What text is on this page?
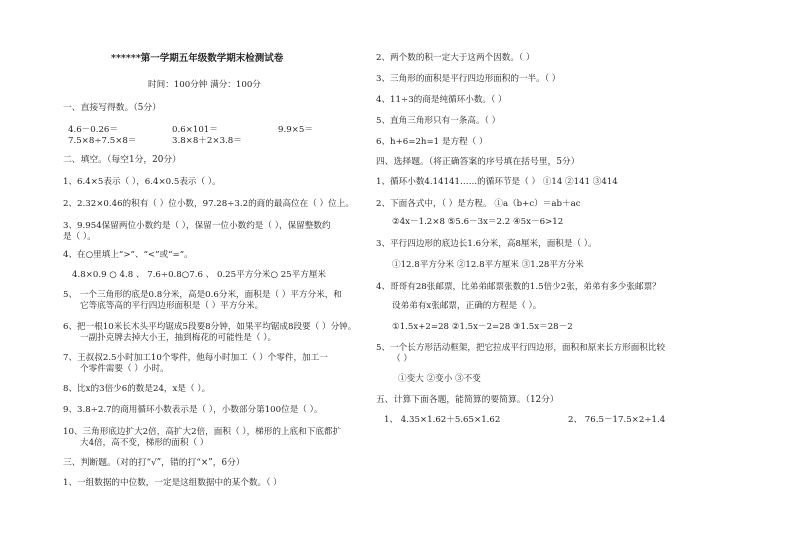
******第一学期五年级数学期末检测试卷
时间：100分钟 满分：100分
一、直接写得数。（5分）
4.6－0.26＝	0.6×101＝	9.9×5＝
7.5×8÷7.5×8＝	3.8×8＋2×3.8＝
二、填空。（每空1分，20分）
1、6.4×5表示（ ），6.4×0.5表示（ ）。
2、2.32×0.46的积有（ ）位小数，97.28÷3.2的商的最高位在（ ）位上。
3、9.954保留两位小数约是（ ），保留一位小数约是（ ），保留整数约
是（ ）。
4、在○里填上“>”、“<”或“=”。
4.8×0.9 ○ 4.8 、 7.6÷0.8○7.6 、 0.25平方分米○ 25平方厘米
5、 一个三角形的底是0.8分米，高是0.6分米，面积是（ ）平方分米，和
它等底等高的平行四边形面积是（ ）平方分米。
6、把一根10米长木头平均锯成5段要8分钟，如果平均锯成8段要（ ）分钟。
一副扑克牌去掉大小王，抽到梅花的可能性是（ ）。
7、王叔叔2.5小时加工10个零件，他每小时加工（ ）个零件，加工一
个零件需要（ ）小时。
8、比x的3倍少6的数是24，x是（ ）。
9、3.8÷2.7的商用循环小数表示是（ ），小数部分第100位是（ ）。
10、三角形底边扩大2倍，高扩大2倍，面积（ ），梯形的上底和下底都扩
大4倍，高不变，梯形的面积（ ）
三、判断题。（对的打“√”，错的打“×”，6分）
1、一组数据的中位数，一定是这组数据中的某个数。（ ）
2、两个数的积一定大于这两个因数。（ ）
3、三角形的面积是平行四边形面积的一半。（ ）
4、11÷3的商是纯循环小数。（ ）
5、直角三角形只有一条高。（ ）
6、h+6=2h=1 是方程（ ）
四、选择题。（将正确答案的序号填在括号里，5分）
1、循环小数4.14141……的循环节是（ ） ①14 ②141 ③414
2、下面各式中，（ ）是方程。 ①a（b+c）＝ab＋ac
②4x－1.2×8 ⑤5.6－3x＝2.2 ④5x－6>12
3、平行四边形的底边长1.6分米，高8厘米，面积是（ ）。
①12.8平方分米 ②12.8平方厘米 ③1.28平方分米
4、哥哥有28张邮票，比弟弟邮票张数的1.5倍少2张，弟弟有多少张邮票？
设弟弟有x张邮票，正确的方程是（ ）。
①1.5x+2=28 ②1.5x－2=28 ③1.5x＝28－2
5、一个长方形活动框架，把它拉成平行四边形，面积和原来长方形面积比较
（ ）
①变大 ②变小 ③不变
五、计算下面各题，能简算的要简算。（12分）
1、 4.35×1.62＋5.65×1.62	2、 76.5－17.5×2÷1.4
